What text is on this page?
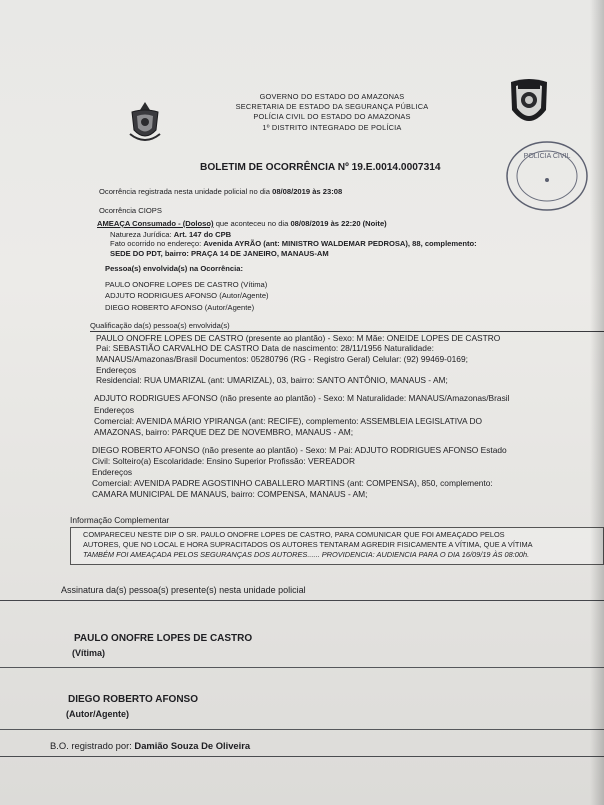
POLÍCIA CIVIL
GOVERNO DO ESTADO DO AMAZONAS
SECRETARIA DE ESTADO DA SEGURANÇA PÚBLICA
POLÍCIA CIVIL DO ESTADO DO AMAZONAS
1º DISTRITO INTEGRADO DE POLÍCIA
BOLETIM DE OCORRÊNCIA Nº 19.E.0014.0007314
Ocorrência registrada nesta unidade policial no dia 08/08/2019 às 23:08
Ocorrência CIOPS
AMEAÇA Consumado - (Doloso) que aconteceu no dia 08/08/2019 às 22:20 (Noite)
Natureza Jurídica: Art. 147 do CPB
Fato ocorrido no endereço: Avenida AYRÃO (ant: MINISTRO WALDEMAR PEDROSA), 88, complemento:
SEDE DO PDT, bairro: PRAÇA 14 DE JANEIRO, MANAUS-AM
Pessoa(s) envolvida(s) na Ocorrência:
PAULO ONOFRE LOPES DE CASTRO (Vítima)
ADJUTO RODRIGUES AFONSO (Autor/Agente)
DIEGO ROBERTO AFONSO (Autor/Agente)
Qualificação da(s) pessoa(s) envolvida(s)
PAULO ONOFRE LOPES DE CASTRO (presente ao plantão) - Sexo: M Mãe: ONEIDE LOPES DE CASTRO
Pai: SEBASTIÃO CARVALHO DE CASTRO Data de nascimento: 28/11/1956 Naturalidade:
MANAUS/Amazonas/Brasil Documentos: 05280796 (RG - Registro Geral) Celular: (92) 99469-0169;
Endereços
Residencial: RUA UMARIZAL (ant: UMARIZAL), 03, bairro: SANTO ANTÔNIO, MANAUS - AM;
ADJUTO RODRIGUES AFONSO (não presente ao plantão) - Sexo: M Naturalidade: MANAUS/Amazonas/Brasil
Endereços
Comercial: AVENIDA MÁRIO YPIRANGA (ant: RECIFE), complemento: ASSEMBLEIA LEGISLATIVA DO
AMAZONAS, bairro: PARQUE DEZ DE NOVEMBRO, MANAUS - AM;
DIEGO ROBERTO AFONSO (não presente ao plantão) - Sexo: M Pai: ADJUTO RODRIGUES AFONSO Estado
Civil: Solteiro(a) Escolaridade: Ensino Superior Profissão: VEREADOR
Endereços
Comercial: AVENIDA PADRE AGOSTINHO CABALLERO MARTINS (ant: COMPENSA), 850, complemento:
CAMARA MUNICIPAL DE MANAUS, bairro: COMPENSA, MANAUS - AM;
Informação Complementar
COMPARECEU NESTE DIP O SR. PAULO ONOFRE LOPES DE CASTRO, PARA COMUNICAR QUE FOI AMEAÇADO PELOS
AUTORES, QUE NO LOCAL E HORA SUPRACITADOS OS AUTORES TENTARAM AGREDIR FISICAMENTE A VÍTIMA, QUE A VÍTIMA
TAMBÉM FOI AMEAÇADA PELOS SEGURANÇAS DOS AUTORES...... PROVIDENCIA: AUDIENCIA PARA O DIA 16/09/19 ÀS 08:00h.
Assinatura da(s) pessoa(s) presente(s) nesta unidade policial
PAULO ONOFRE LOPES DE CASTRO
(Vítima)
DIEGO ROBERTO AFONSO
(Autor/Agente)
B.O. registrado por: Damião Souza De Oliveira
